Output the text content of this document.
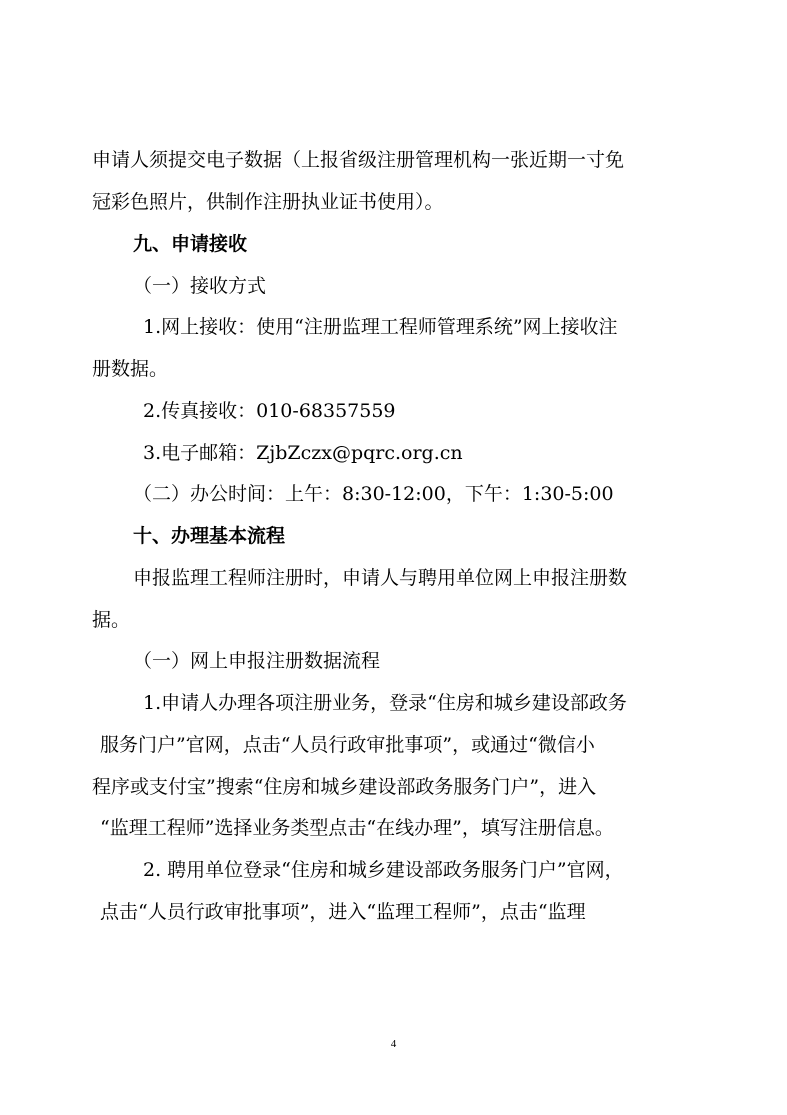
申请人须提交电子数据（上报省级注册管理机构一张近期一寸免
冠彩色照片，供制作注册执业证书使用）。
九、申请接收
（一）接收方式
1.网上接收：使用“注册监理工程师管理系统”网上接收注
册数据。
2.传真接收：010-68357559
3.电子邮箱：ZjbZczx@pqrc.org.cn
（二）办公时间：上午：8:30-12:00，下午：1:30-5:00
十、办理基本流程
申报监理工程师注册时，申请人与聘用单位网上申报注册数
据。
（一）网上申报注册数据流程
1.申请人办理各项注册业务，登录“住房和城乡建设部政务
服务门户”官网，点击“人员行政审批事项”，或通过“微信小
程序或支付宝”搜索“住房和城乡建设部政务服务门户”，进入
“监理工程师”选择业务类型点击“在线办理”，填写注册信息。
2. 聘用单位登录“住房和城乡建设部政务服务门户”官网，
点击“人员行政审批事项”，进入“监理工程师”，点击“监理
4
